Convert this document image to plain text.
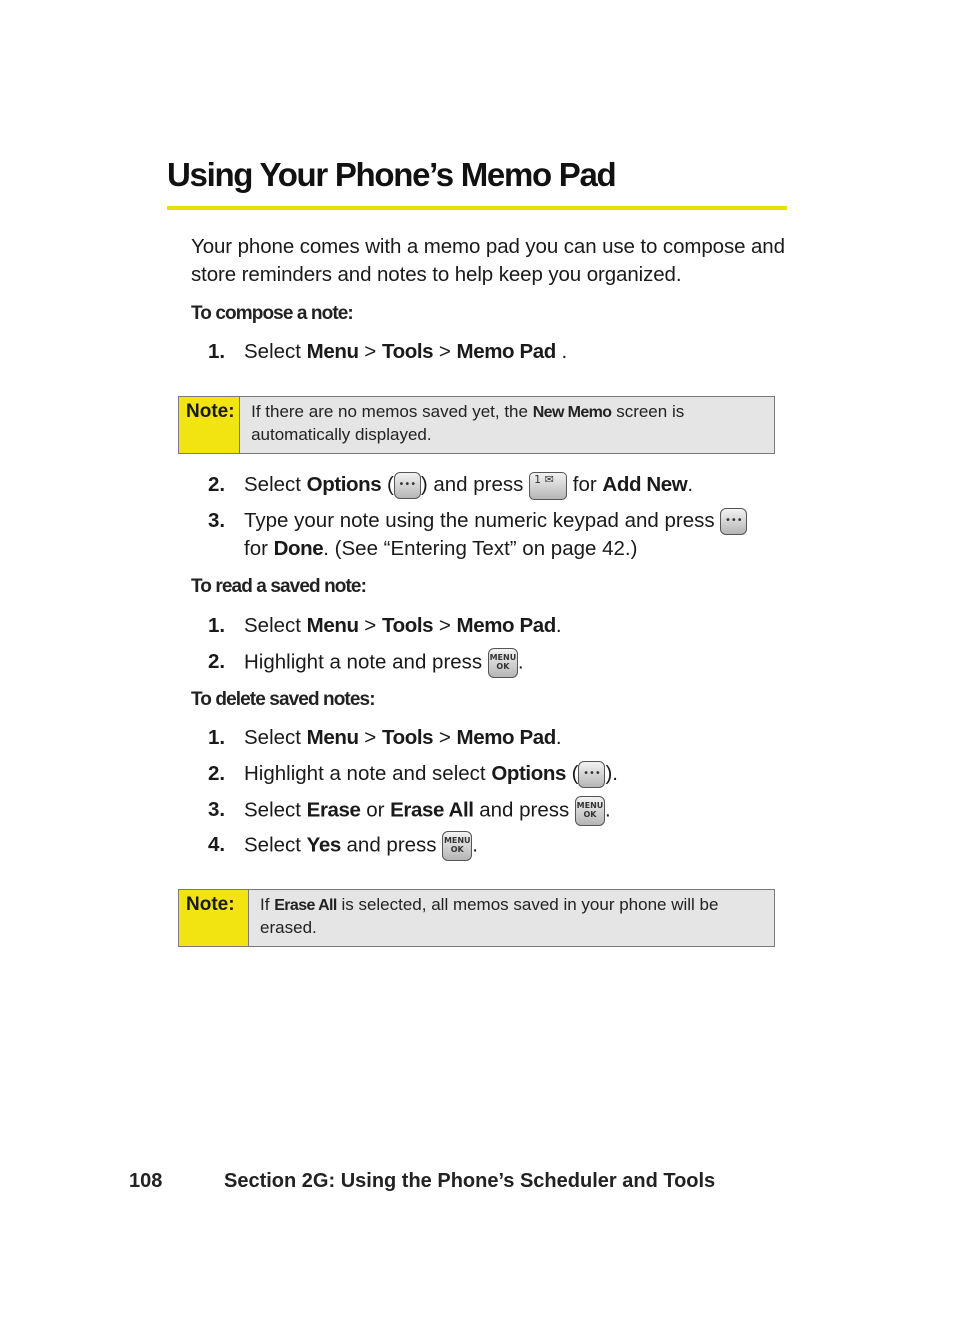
Using Your Phone’s Memo Pad

Your phone comes with a memo pad you can use to compose and store reminders and notes to help keep you organized.

To compose a note:

1. Select Menu > Tools > Memo Pad .
Note: If there are no memos saved yet, the New Memo screen is automatically displayed.
2. Select Options ( ••• ) and press 1 ✉ for Add New.
3. Type your note using the numeric keypad and press •••
for Done. (See “Entering Text” on page 42.)

To read a saved note:

1. Select Menu > Tools > Memo Pad.
2. Highlight a note and press MENU
OK .

To delete saved notes:

1. Select Menu > Tools > Memo Pad.
2. Highlight a note and select Options ( ••• ).
3. Select Erase or Erase All and press MENU
OK .
4. Select Yes and press MENU
OK .
Note:	If Erase All is selected, all memos saved in your phone will be erased.
108	Section 2G: Using the Phone’s Scheduler and Tools
